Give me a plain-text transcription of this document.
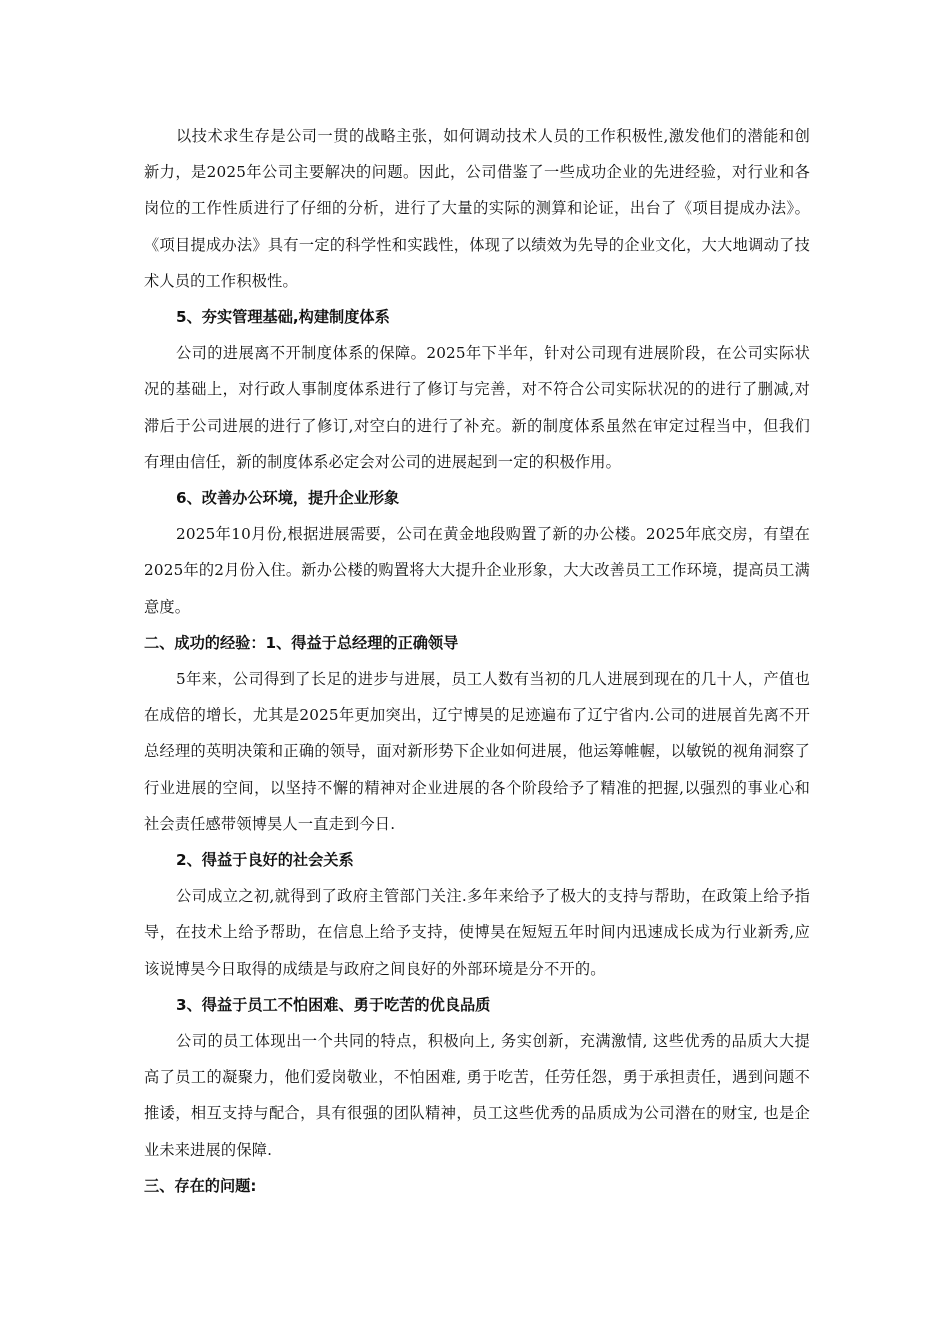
以技术求生存是公司一贯的战略主张，如何调动技术人员的工作积极性,激发他们的潜能和创新力，是2025年公司主要解决的问题。因此，公司借鉴了一些成功企业的先进经验，对行业和各岗位的工作性质进行了仔细的分析，进行了大量的实际的测算和论证，出台了《项目提成办法》。《项目提成办法》具有一定的科学性和实践性，体现了以绩效为先导的企业文化，大大地调动了技术人员的工作积极性。

5、夯实管理基础,构建制度体系

公司的进展离不开制度体系的保障。2025年下半年，针对公司现有进展阶段，在公司实际状况的基础上，对行政人事制度体系进行了修订与完善，对不符合公司实际状况的的进行了删减,对滞后于公司进展的进行了修订,对空白的进行了补充。新的制度体系虽然在审定过程当中，但我们有理由信任，新的制度体系必定会对公司的进展起到一定的积极作用。

6、改善办公环境，提升企业形象

2025年10月份,根据进展需要，公司在黄金地段购置了新的办公楼。2025年底交房，有望在2025年的2月份入住。新办公楼的购置将大大提升企业形象，大大改善员工工作环境，提高员工满意度。

二、成功的经验：1、得益于总经理的正确领导

5年来，公司得到了长足的进步与进展，员工人数有当初的几人进展到现在的几十人，产值也在成倍的增长，尤其是2025年更加突出，辽宁博昊的足迹遍布了辽宁省内.公司的进展首先离不开总经理的英明决策和正确的领导，面对新形势下企业如何进展，他运筹帷幄，以敏锐的视角洞察了行业进展的空间，以坚持不懈的精神对企业进展的各个阶段给予了精准的把握,以强烈的事业心和社会责任感带领博昊人一直走到今日.

2、得益于良好的社会关系

公司成立之初,就得到了政府主管部门关注.多年来给予了极大的支持与帮助，在政策上给予指导，在技术上给予帮助，在信息上给予支持，使博昊在短短五年时间内迅速成长成为行业新秀,应该说博昊今日取得的成绩是与政府之间良好的外部环境是分不开的。

3、得益于员工不怕困难、勇于吃苦的优良品质

公司的员工体现出一个共同的特点，积极向上, 务实创新，充满激情, 这些优秀的品质大大提高了员工的凝聚力，他们爱岗敬业，不怕困难, 勇于吃苦，任劳任怨，勇于承担责任，遇到问题不推诿，相互支持与配合，具有很强的团队精神，员工这些优秀的品质成为公司潜在的财宝, 也是企业未来进展的保障.

三、存在的问题:
